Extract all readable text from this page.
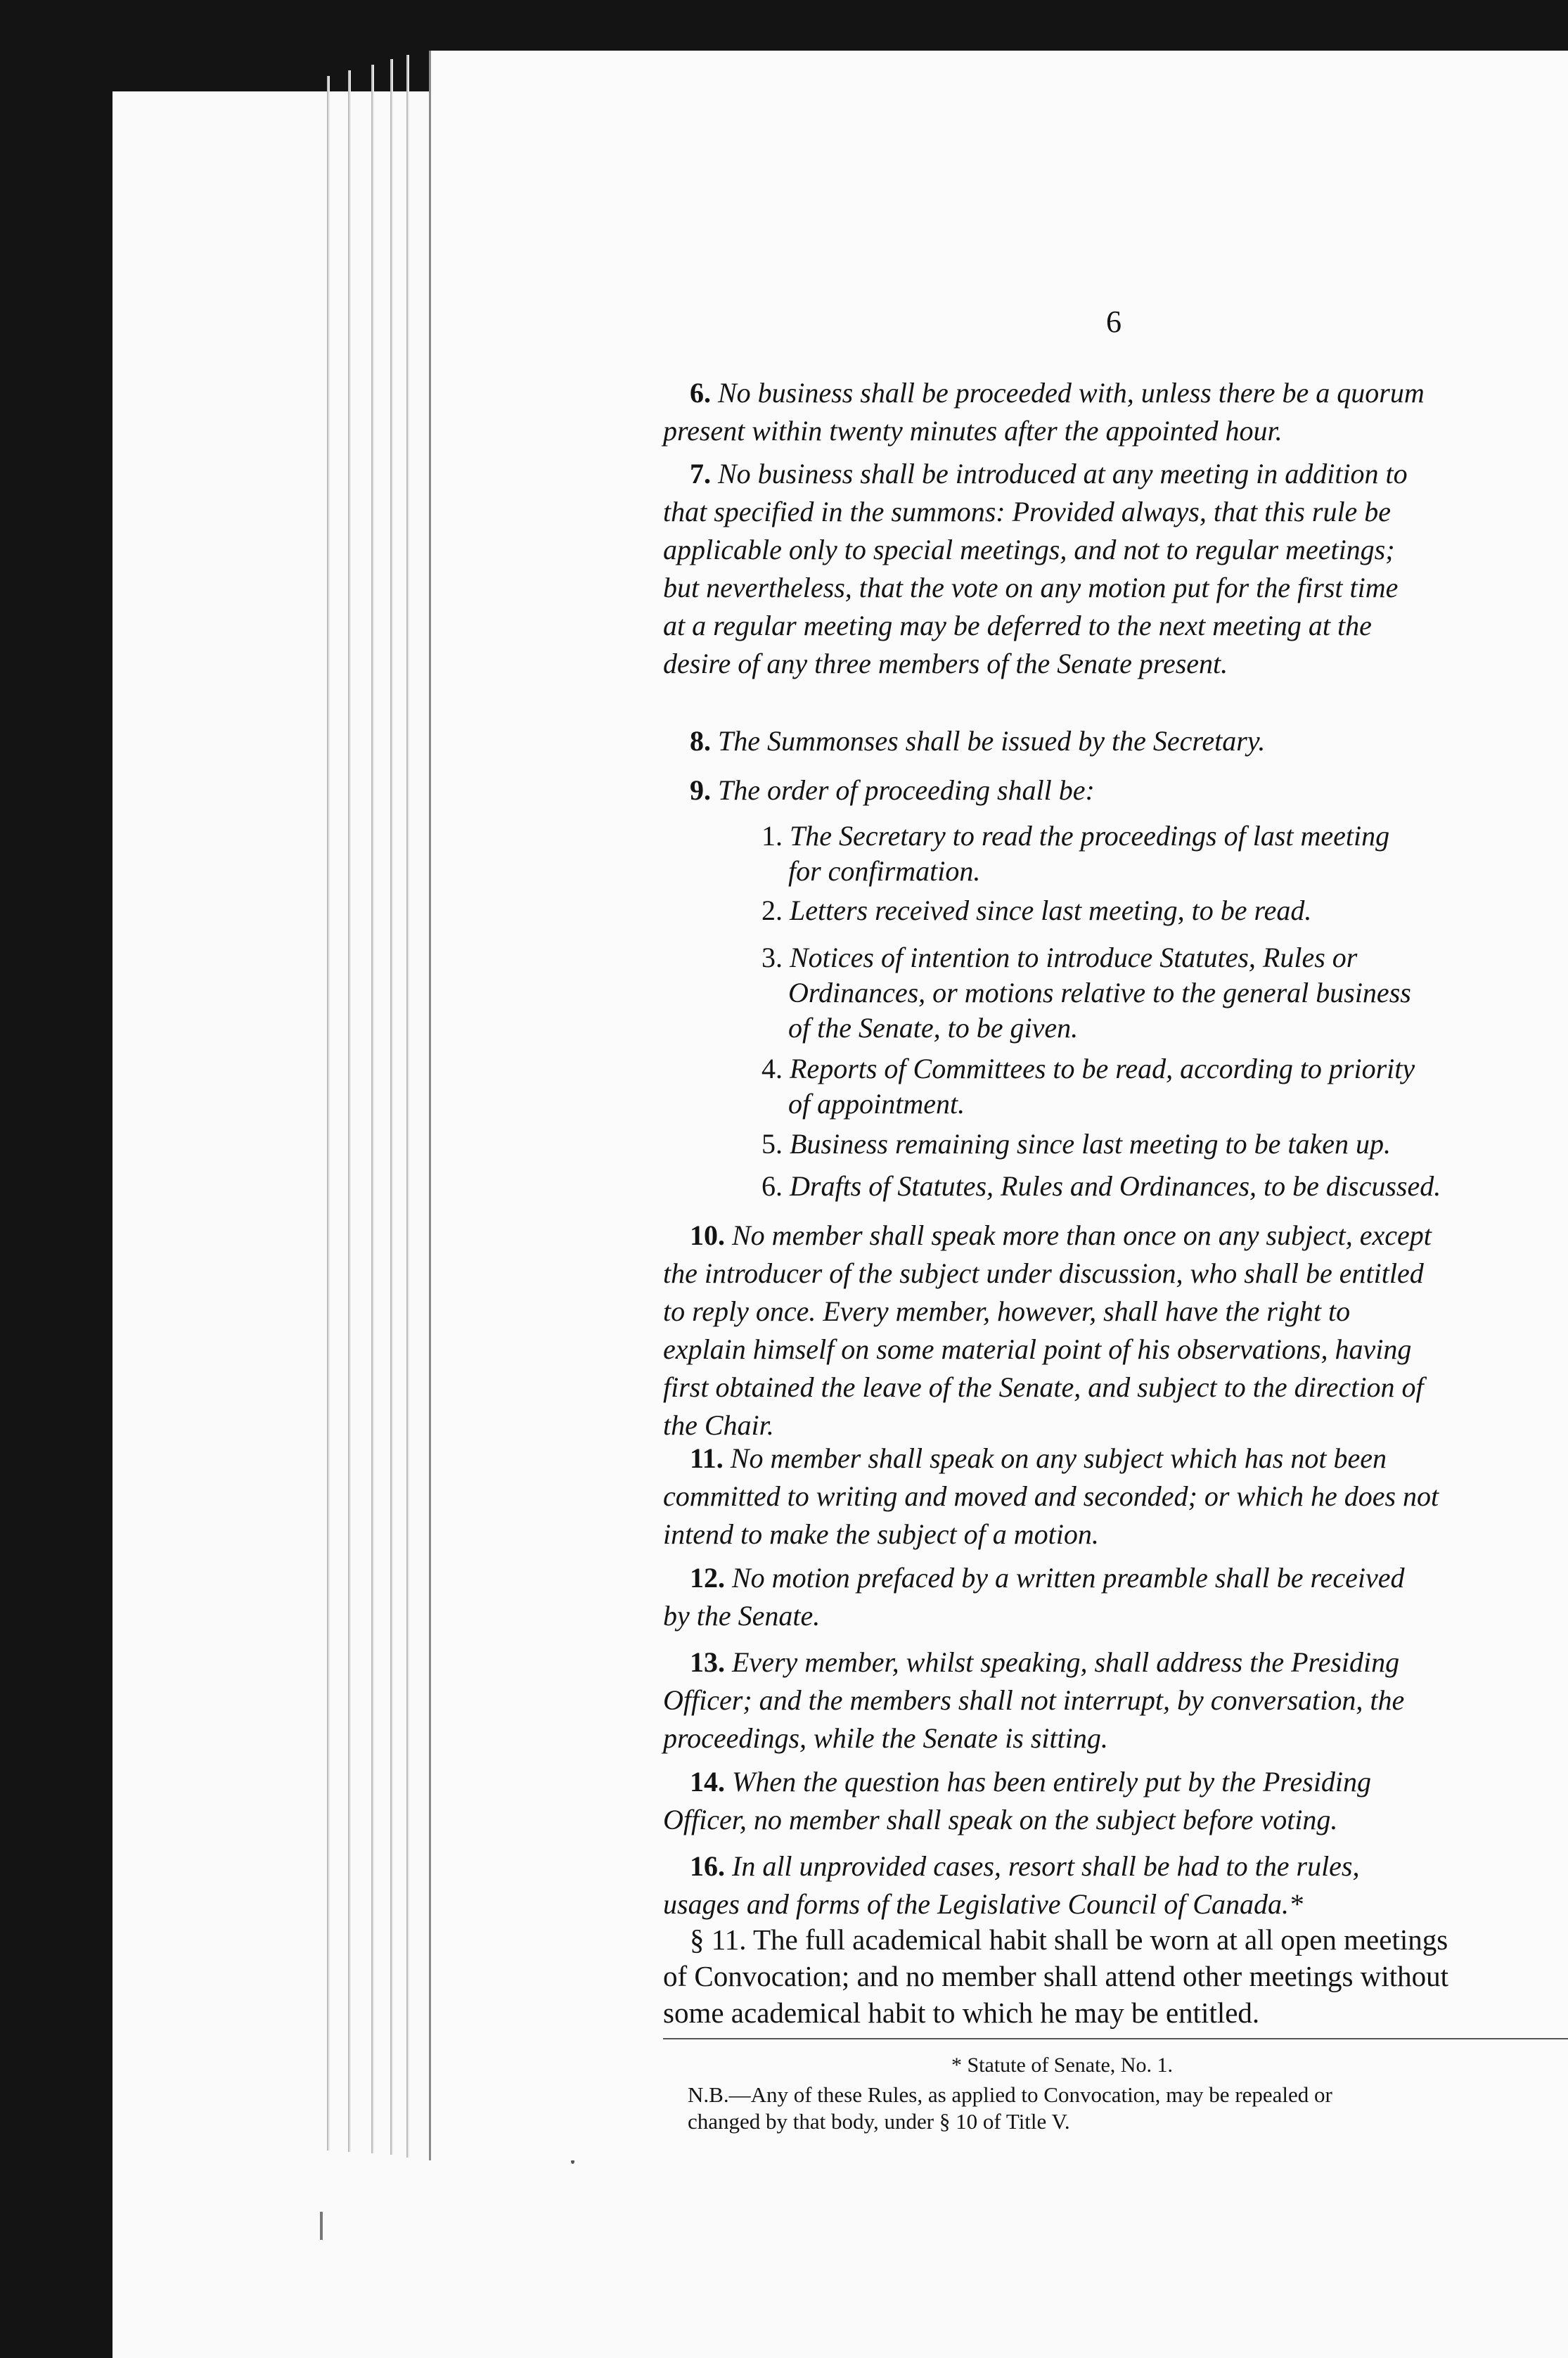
6
6. No business shall be proceeded with, unless there be a quorum
present within twenty minutes after the appointed hour.
7. No business shall be introduced at any meeting in addition to
that specified in the summons: Provided always, that this rule be
applicable only to special meetings, and not to regular meetings;
but nevertheless, that the vote on any motion put for the first time
at a regular meeting may be deferred to the next meeting at the
desire of any three members of the Senate present.
8. The Summonses shall be issued by the Secretary.
9. The order of proceeding shall be:
1. The Secretary to read the proceedings of last meeting
for confirmation.
2. Letters received since last meeting, to be read.
3. Notices of intention to introduce Statutes, Rules or
Ordinances, or motions relative to the general business
of the Senate, to be given.
4. Reports of Committees to be read, according to priority
of appointment.
5. Business remaining since last meeting to be taken up.
6. Drafts of Statutes, Rules and Ordinances, to be discussed.
10. No member shall speak more than once on any subject, except
the introducer of the subject under discussion, who shall be entitled
to reply once. Every member, however, shall have the right to
explain himself on some material point of his observations, having
first obtained the leave of the Senate, and subject to the direction of
the Chair.
11. No member shall speak on any subject which has not been
committed to writing and moved and seconded; or which he does not
intend to make the subject of a motion.
12. No motion prefaced by a written preamble shall be received
by the Senate.
13. Every member, whilst speaking, shall address the Presiding
Officer; and the members shall not interrupt, by conversation, the
proceedings, while the Senate is sitting.
14. When the question has been entirely put by the Presiding
Officer, no member shall speak on the subject before voting.
16. In all unprovided cases, resort shall be had to the rules,
usages and forms of the Legislative Council of Canada.*
§ 11. The full academical habit shall be worn at all open meetings
of Convocation; and no member shall attend other meetings without
some academical habit to which he may be entitled.
* Statute of Senate, No. 1.
N.B.—Any of these Rules, as applied to Convocation, may be repealed or
changed by that body, under § 10 of Title V.
